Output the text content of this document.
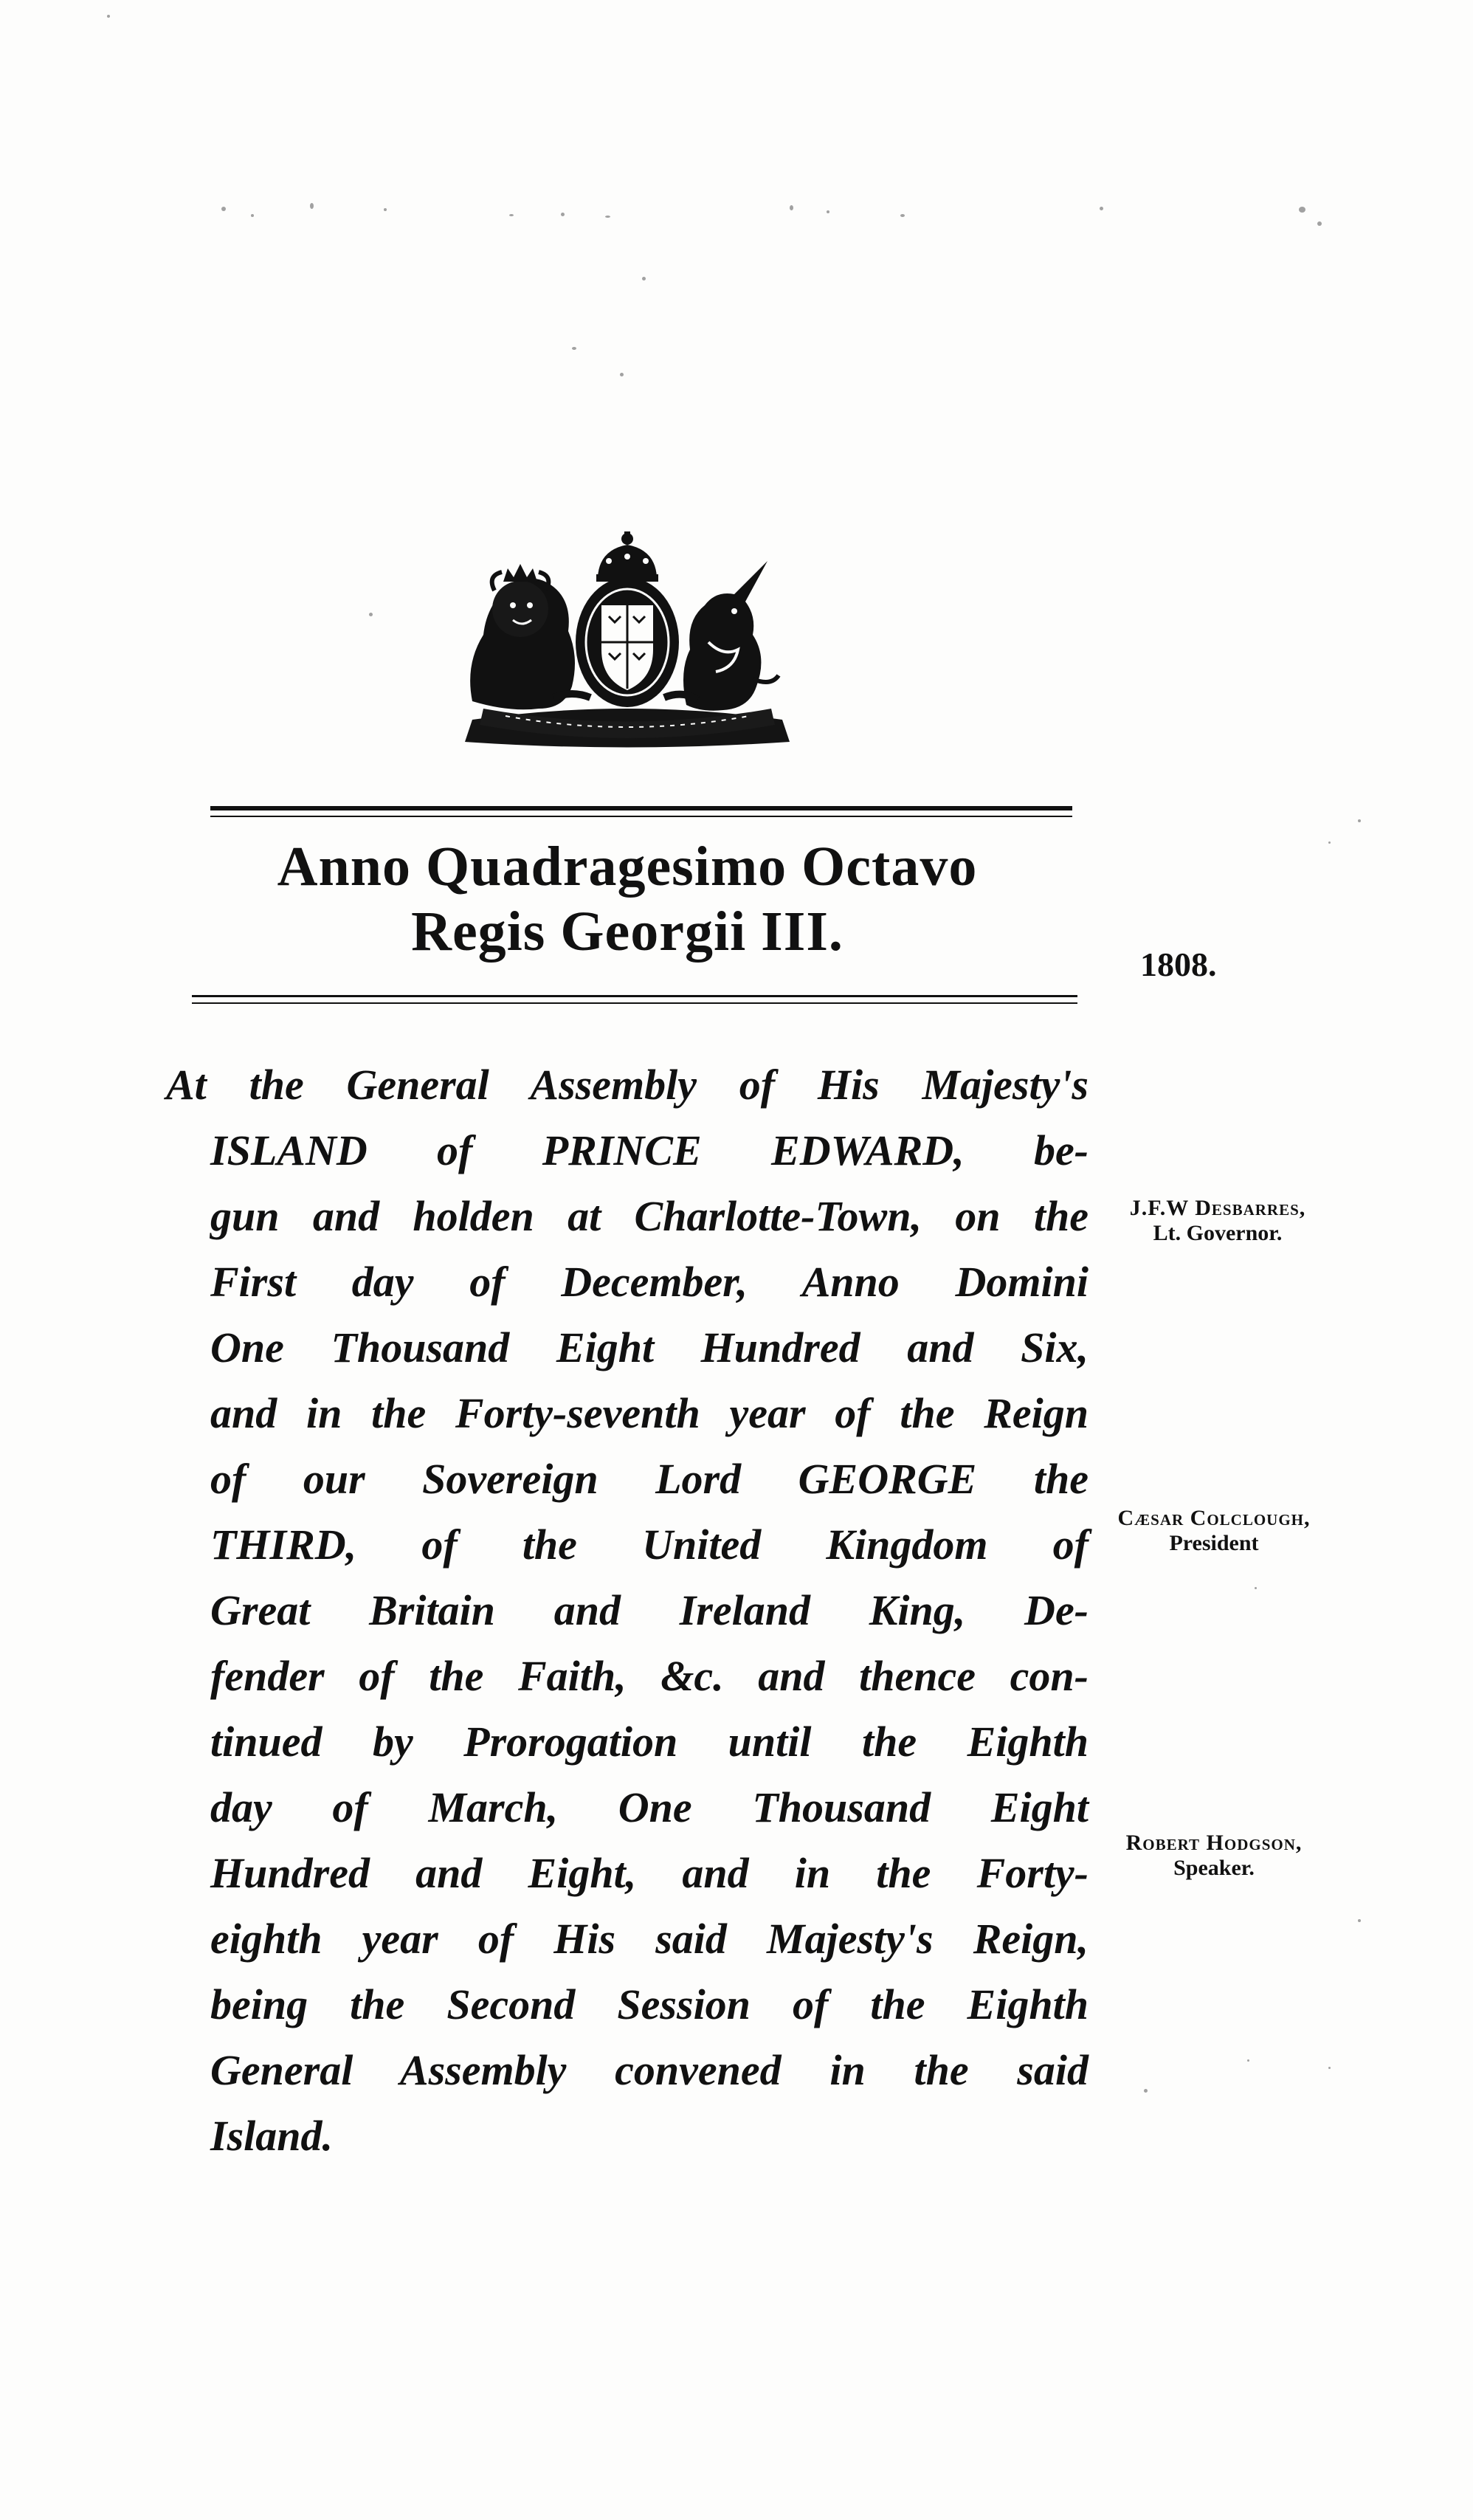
Anno Quadragesimo Octavo
Regis Georgii III.
1808.
At the General Assembly of His Majesty's
ISLAND of PRINCE EDWARD, be-
gun and holden at Charlotte-Town, on the
First day of December, Anno Domini
One Thousand Eight Hundred and Six,
and in the Forty-seventh year of the Reign
of our Sovereign Lord GEORGE the
THIRD, of the United Kingdom of
Great Britain and Ireland King, De-
fender of the Faith, &c. and thence con-
tinued by Prorogation until the Eighth
day of March, One Thousand Eight
Hundred and Eight, and in the Forty-
eighth year of His said Majesty's Reign,
being the Second Session of the Eighth
General Assembly convened in the said
Island.
J.F.W Desbarres,
Lt. Governor.
Cæsar Colclough,
President
Robert Hodgson,
Speaker.
